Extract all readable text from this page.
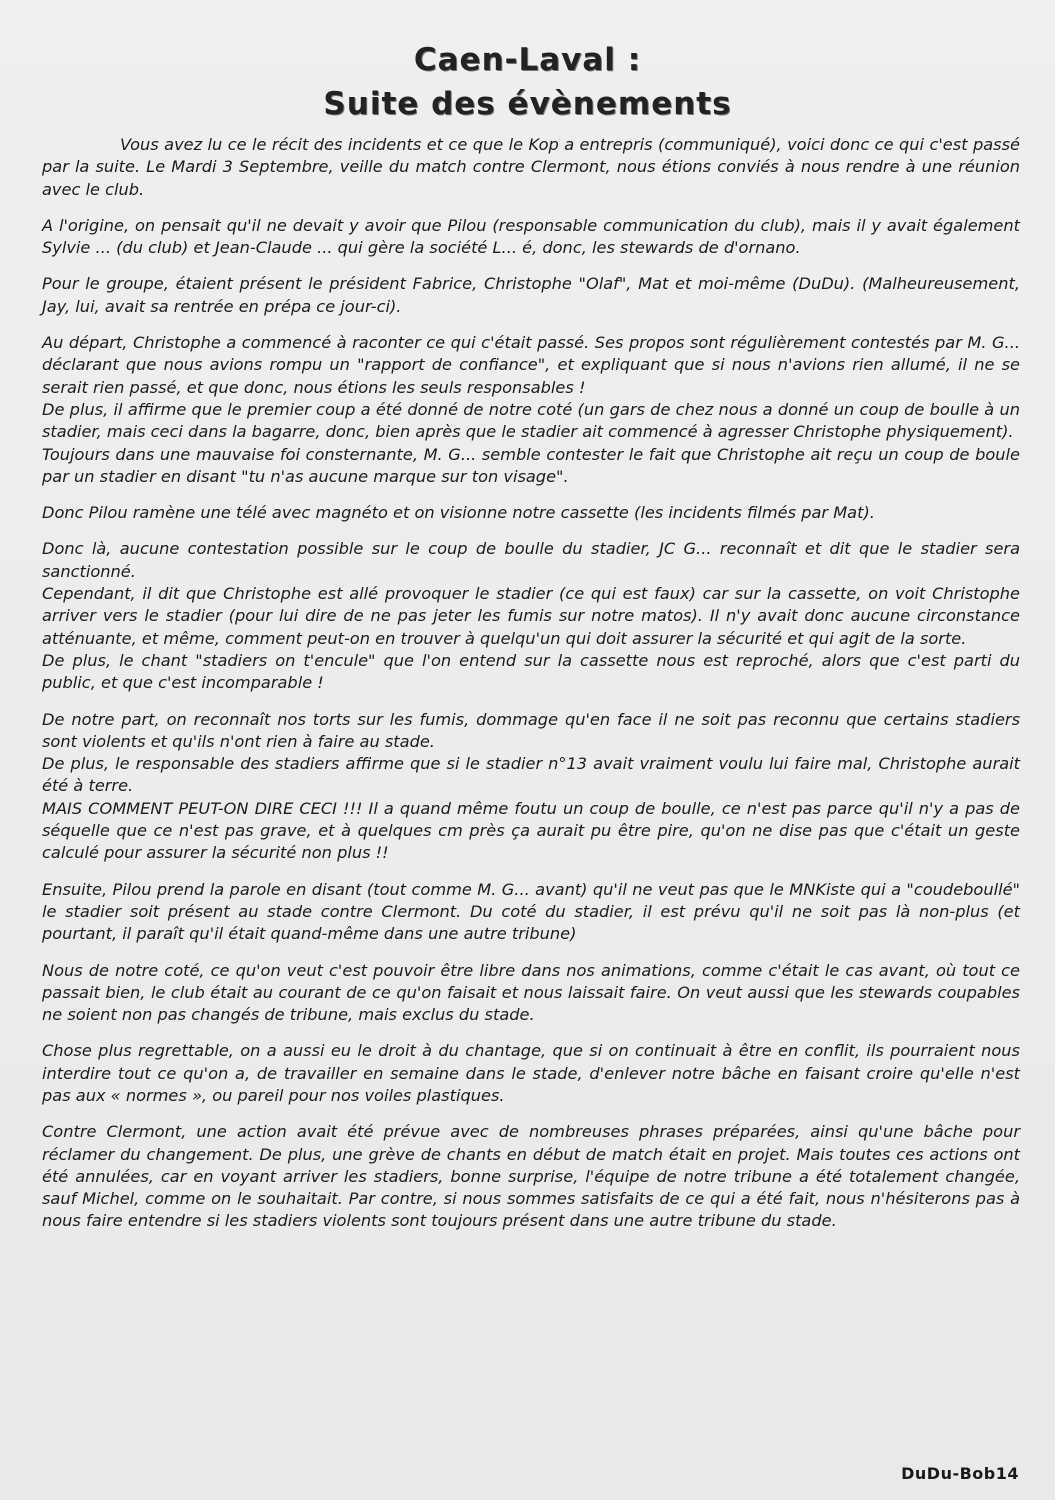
Caen-Laval :
Suite des évènements

Vous avez lu ce le récit des incidents et ce que le Kop a entrepris (communiqué), voici donc ce qui c'est passé par la suite. Le Mardi 3 Septembre, veille du match contre Clermont, nous étions conviés à nous rendre à une réunion avec le club.

A l'origine, on pensait qu'il ne devait y avoir que Pilou (responsable communication du club), mais il y avait également Sylvie ... (du club) et Jean-Claude ... qui gère la société L... é, donc, les stewards de d'ornano.

Pour le groupe, étaient présent le président Fabrice, Christophe "Olaf", Mat et moi-même (DuDu). (Malheureusement, Jay, lui, avait sa rentrée en prépa ce jour-ci).

Au départ, Christophe a commencé à raconter ce qui c'était passé. Ses propos sont régulièrement contestés par M. G... déclarant que nous avions rompu un "rapport de confiance", et expliquant que si nous n'avions rien allumé, il ne se serait rien passé, et que donc, nous étions les seuls responsables !

De plus, il affirme que le premier coup a été donné de notre coté (un gars de chez nous a donné un coup de boulle à un stadier, mais ceci dans la bagarre, donc, bien après que le stadier ait commencé à agresser Christophe physiquement).

Toujours dans une mauvaise foi consternante, M. G... semble contester le fait que Christophe ait reçu un coup de boule par un stadier en disant "tu n'as aucune marque sur ton visage".

Donc Pilou ramène une télé avec magnéto et on visionne notre cassette (les incidents filmés par Mat).

Donc là, aucune contestation possible sur le coup de boulle du stadier, JC G... reconnaît et dit que le stadier sera sanctionné.

Cependant, il dit que Christophe est allé provoquer le stadier (ce qui est faux) car sur la cassette, on voit Christophe arriver vers le stadier (pour lui dire de ne pas jeter les fumis sur notre matos). Il n'y avait donc aucune circonstance atténuante, et même, comment peut-on en trouver à quelqu'un qui doit assurer la sécurité et qui agit de la sorte.

De plus, le chant "stadiers on t'encule" que l'on entend sur la cassette nous est reproché, alors que c'est parti du public, et que c'est incomparable !

De notre part, on reconnaît nos torts sur les fumis, dommage qu'en face il ne soit pas reconnu que certains stadiers sont violents et qu'ils n'ont rien à faire au stade.

De plus, le responsable des stadiers affirme que si le stadier n°13 avait vraiment voulu lui faire mal, Christophe aurait été à terre.

MAIS COMMENT PEUT-ON DIRE CECI !!! Il a quand même foutu un coup de boulle, ce n'est pas parce qu'il n'y a pas de séquelle que ce n'est pas grave, et à quelques cm près ça aurait pu être pire, qu'on ne dise pas que c'était un geste calculé pour assurer la sécurité non plus !!

Ensuite, Pilou prend la parole en disant (tout comme M. G... avant) qu'il ne veut pas que le MNKiste qui a "coudeboullé" le stadier soit présent au stade contre Clermont. Du coté du stadier, il est prévu qu'il ne soit pas là non-plus (et pourtant, il paraît qu'il était quand-même dans une autre tribune)

Nous de notre coté, ce qu'on veut c'est pouvoir être libre dans nos animations, comme c'était le cas avant, où tout ce passait bien, le club était au courant de ce qu'on faisait et nous laissait faire. On veut aussi que les stewards coupables ne soient non pas changés de tribune, mais exclus du stade.

Chose plus regrettable, on a aussi eu le droit à du chantage, que si on continuait à être en conflit, ils pourraient nous interdire tout ce qu'on a, de travailler en semaine dans le stade, d'enlever notre bâche en faisant croire qu'elle n'est pas aux « normes », ou pareil pour nos voiles plastiques.

Contre Clermont, une action avait été prévue avec de nombreuses phrases préparées, ainsi qu'une bâche pour réclamer du changement. De plus, une grève de chants en début de match était en projet. Mais toutes ces actions ont été annulées, car en voyant arriver les stadiers, bonne surprise, l'équipe de notre tribune a été totalement changée, sauf Michel, comme on le souhaitait. Par contre, si nous sommes satisfaits de ce qui a été fait, nous n'hésiterons pas à nous faire entendre si les stadiers violents sont toujours présent dans une autre tribune du stade.

DuDu-Bob14
